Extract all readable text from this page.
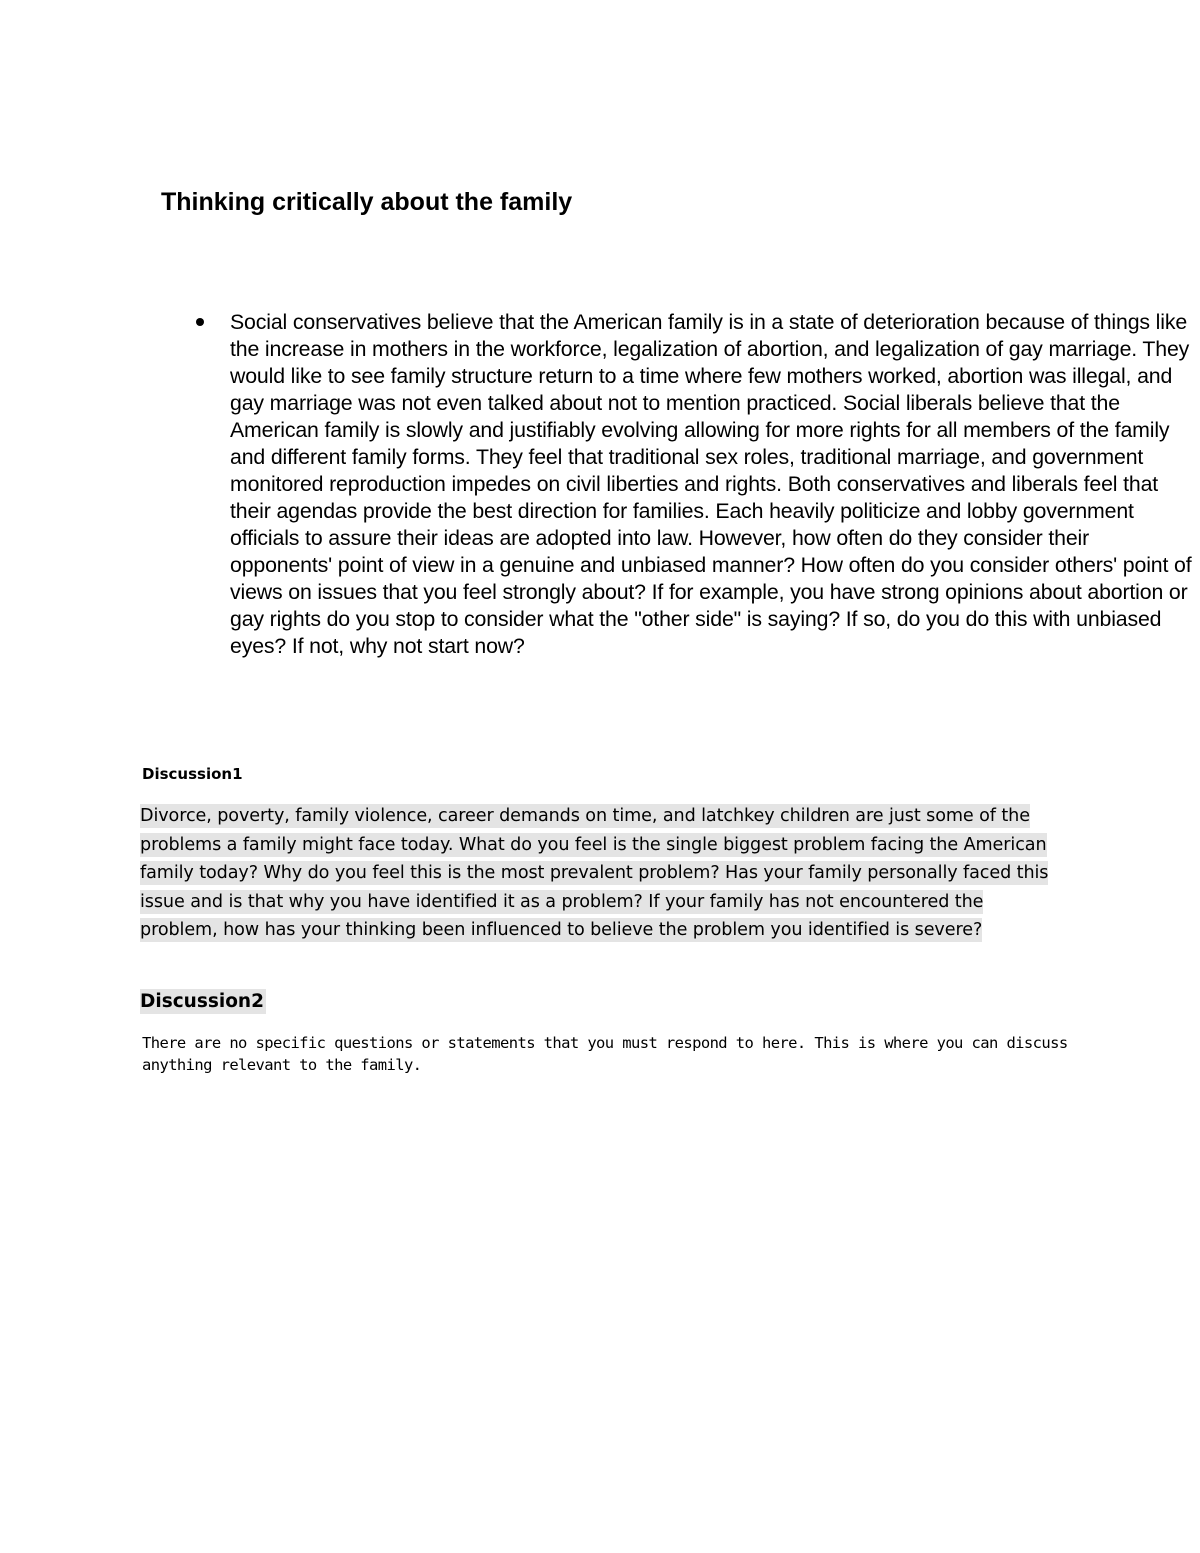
Thinking critically about the family
Social conservatives believe that the American family is in a state of deterioration because of things like the increase in mothers in the workforce, legalization of abortion, and legalization of gay marriage. They would like to see family structure return to a time where few mothers worked, abortion was illegal, and gay marriage was not even talked about not to mention practiced. Social liberals believe that the American family is slowly and justifiably evolving allowing for more rights for all members of the family and different family forms. They feel that traditional sex roles, traditional marriage, and government monitored reproduction impedes on civil liberties and rights. Both conservatives and liberals feel that their agendas provide the best direction for families. Each heavily politicize and lobby government officials to assure their ideas are adopted into law. However, how often do they consider their opponents' point of view in a genuine and unbiased manner? How often do you consider others' point of views on issues that you feel strongly about? If for example, you have strong opinions about abortion or gay rights do you stop to consider what the "other side" is saying? If so, do you do this with unbiased eyes? If not, why not start now?
Discussion1

Divorce, poverty, family violence, career demands on time, and latchkey children are just some of the problems a family might face today. What do you feel is the single biggest problem facing the American family today? Why do you feel this is the most prevalent problem? Has your family personally faced this issue and is that why you have identified it as a problem? If your family has not encountered the problem, how has your thinking been influenced to believe the problem you identified is severe?

Discussion2

There are no specific questions or statements that you must respond to here. This is where you can discuss anything relevant to the family.
